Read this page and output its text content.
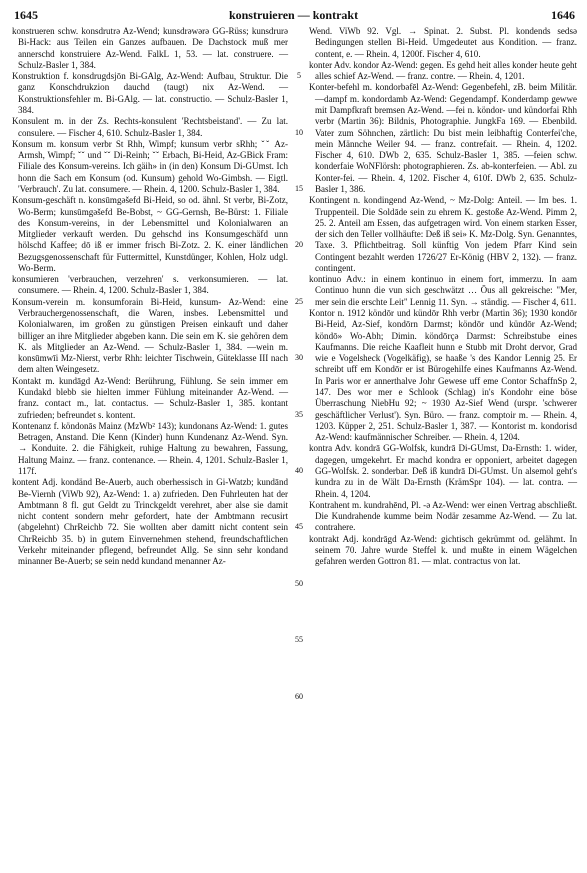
1645	konstruieren — kontrakt	1646

konstrueren schw. konsdrutrə Az-Wend; kunsdrəwərə GG-Rüss; kunsdrurə Bi-Hack: aus Teilen ein Ganzes aufbauen. De Dachstock muß mer annerschd konstruiere Az-Wend. FalkL 1, 53. — lat. construere. — Schulz-Basler 1, 384.

Konstruktion f. konsdrugdsjōn Bi-GAlg, Az-Wend: Aufbau, Struktur. Die ganz Konschdrukzion dauchd (taugt) nix Az-Wend. — Konstruktionsfehler m. Bi-GAlg. — lat. constructio. — Schulz-Basler 1, 384.

Konsulent m. in der Zs. Rechts-konsulent 'Rechtsbeistand'. — Zu lat. consulere. — Fischer 4, 610. Schulz-Basler 1, 384.

Konsum m. konsum verbr St Rhh, Wimpf; kunsum verbr sRhh; ˇˇ Az-Armsh, Wimpf; ˇˇ und ˇˇ Di-Reinh; ˇˇ Erbach, Bi-Heid, Az-GBick Fram: Filiale des Konsum-vereins. Ich gäih» in (in den) Konsum Di-GUmst. Ich honn die Sach em Konsum (od. Kunsum) gehold Wo-Gimbsh. — Eigtl. 'Verbrauch'. Zu lat. consumere. — Rhein. 4, 1200. Schulz-Basler 1, 384.

Konsum-geschäft n. konsūmgəšefd Bi-Heid, so od. ähnl. St verbr, Bi-Zotz, Wo-Berm; kunsūmgəšefd Be-Bobst, ~ GG-Gernsh, Be-Bürst: 1. Filiale des Konsum-vereins, in der Lebensmittel und Kolonialwaren an Mitglieder verkauft werden. Du gehschd ins Konsumgeschäfd unn hölschd Kaffee; dō iß er immer frisch Bi-Zotz. 2. K. einer ländlichen Bezugsgenossenschaft für Futtermittel, Kunstdünger, Kohlen, Holz udgl. Wo-Berm.

konsumieren 'verbrauchen, verzehren' s. verkonsumieren. — lat. consumere. — Rhein. 4, 1200. Schulz-Basler 1, 384.

Konsum-verein m. konsumforain Bi-Heid, kunsum- Az-Wend: eine Verbrauchergenossenschaft, die Waren, insbes. Lebensmittel und Kolonialwaren, im großen zu günstigen Preisen einkauft und daher billiger an ihre Mitglieder abgeben kann. Die sein em K. sie gehören dem K. als Mitglieder an Az-Wend. — Schulz-Basler 1, 384. —wein m. konsūmwīi Mz-Nierst, verbr Rhh: leichter Tischwein, Güteklasse III nach dem alten Weingesetz.

Kontakt m. kundāgd Az-Wend: Berührung, Fühlung. Se sein immer em Kundakd blebb sie hielten immer Fühlung miteinander Az-Wend. — franz. contact m., lat. contactus. — Schulz-Basler 1, 385. kontant zufrieden; befreundet s. kontent.

Kontenanz f. köndonās Mainz (MzWb² 143); kundonans Az-Wend: 1. gutes Betragen, Anstand. Die Kenn (Kinder) hunn Kundenanz Az-Wend. Syn. → Konduite. 2. die Fähigkeit, ruhige Haltung zu bewahren, Fassung, Haltung Mainz. — franz. contenance. — Rhein. 4, 1201. Schulz-Basler 1, 117f.

kontent Adj. kondänd Be-Auerb, auch oberhessisch in Gi-Watzb; kundānd Be-Viernh (ViWb 92), Az-Wend: 1. a) zufrieden. Den Fuhrleuten hat der Ambtmann 8 fl. gut Geldt zu Trinckgeldt verehret, aber alse sie damit nicht content sondern mehr gefordert, hate der Ambtmann recusirt (abgelehnt) ChrReichb 72. Sie wollten aber damitt nicht content sein ChrReichb 35. b) in gutem Einvernehmen stehend, freundschaftlichen Verkehr miteinander pflegend, befreundet Allg. Se sinn sehr kondand minanner Be-Auerb; se sein nedd kundand menanner Az-

5
10
15
20
25
30
35
40
45
50
55
60

Wend. ViWb 92. Vgl. → Spinat. 2. Subst. Pl. kondends sedsə Bedingungen stellen Bi-Heid. Umgedeutet aus Kondition. — franz. content, e. — Rhein. 4, 1200f. Fischer 4, 610.

konter Adv. kondor Az-Wend: gegen. Es gehd heit alles konder heute geht alles schief Az-Wend. — franz. contre. — Rhein. 4, 1201.

Konter-befehl m. kondorbəfēl Az-Wend: Gegenbefehl, zB. beim Militär. —dampf m. kondordamb Az-Wend: Gegendampf. Konderdamp gewwe mit Dampfkraft bremsen Az-Wend. —fei n. köndor- und kündorfai Rhh verbr (Martin 36): Bildnis, Photographie. JungkFa 169. — Ebenbild. Vater zum Söhnchen, zärtlich: Du bist mein leibhaftig Conterfei'che, mein Männche Weiler 94. — franz. contrefait. — Rhein. 4, 1202. Fischer 4, 610. DWb 2, 635. Schulz-Basler 1, 385. —feien schw. konderfaie WoNFlörsh: photographieren. Zs. ab-konterfeien. — Abl. zu Konter-fei. — Rhein. 4, 1202. Fischer 4, 610f. DWb 2, 635. Schulz-Basler 1, 386.

Kontingent n. kondingend Az-Wend, ~ Mz-Dolg: Anteil. — Im bes. 1. Truppenteil. Die Soldāde sein zu ehrem K. gestoße Az-Wend. Pimm 2, 25. 2. Anteil am Essen, das aufgetragen wird. Von einem starken Esser, der sich den Teller vollhäufte: Deß iß sei» K. Mz-Dolg. Syn. Genanntes, Taxe. 3. Pflichtbeitrag. Soll künftig Von jedem Pfarr Kind sein Contingent bezahlt werden 1726/27 Er-König (HBV 2, 132). — franz. contingent.

kontinuo Adv.: in einem kontinuo in einem fort, immerzu. In aam Continuo hunn die vun sich geschwätzt … Ōus all gekreische: "Mer, mer sein die erschte Leit" Lennig 11. Syn. → ständig. — Fischer 4, 611.

Kontor n. 1912 köndōr und kündōr Rhh verbr (Martin 36); 1930 kondōr Bi-Heid, Az-Sief, kondōrn Darmst; köndōr und kündōr Az-Wend; köndō» Wo-Abh; Dimin. köndōrçə Darmst: Schreibstube eines Kaufmanns. Die reiche Kaafleit hunn e Stubb mit Droht dervor, Grad wie e Vogelsheck (Vogelkäfig), se haaße 's des Kandor Lennig 25. Er schreibt uff em Kondōr er ist Bürogehilfe eines Kaufmanns Az-Wend. In Paris wor er annerthalve Johr Gewese uff eme Contor SchaffnSp 2, 147. Des wor mer e Schlook (Schlag) in's Kondohr eine böse Überraschung NiebHu 92; ~ 1930 Az-Sief Wend (urspr. 'schwerer geschäftlicher Verlust'). Syn. Büro. — franz. comptoir m. — Rhein. 4, 1203. Küpper 2, 251. Schulz-Basler 1, 387. — Kontorist m. kondorisd Az-Wend: kaufmännischer Schreiber. — Rhein. 4, 1204.

kontra Adv. kondrā GG-Wolfsk, kundrā Di-GUmst, Da-Ernsth: 1. wider, dagegen, umgekehrt. Er machd kondra er opponiert, arbeitet dagegen GG-Wolfsk. 2. sonderbar. Deß iß kundrā Di-GUmst. Un alsemol geht's kundra zu in de Wält Da-Ernsth (KrämSpr 104). — lat. contra. — Rhein. 4, 1204.

Kontrahent m. kundrahēnd, Pl. -ə Az-Wend: wer einen Vertrag abschließt. Die Kundrahende kumme beim Nodär zesamme Az-Wend. — Zu lat. contrahere.

kontrakt Adj. kondrāgd Az-Wend: gichtisch gekrümmt od. gelähmt. In seinem 70. Jahre wurde Steffel k. und mußte in einem Wägelchen gefahren werden Gottron 81. — mlat. contractus von lat.
